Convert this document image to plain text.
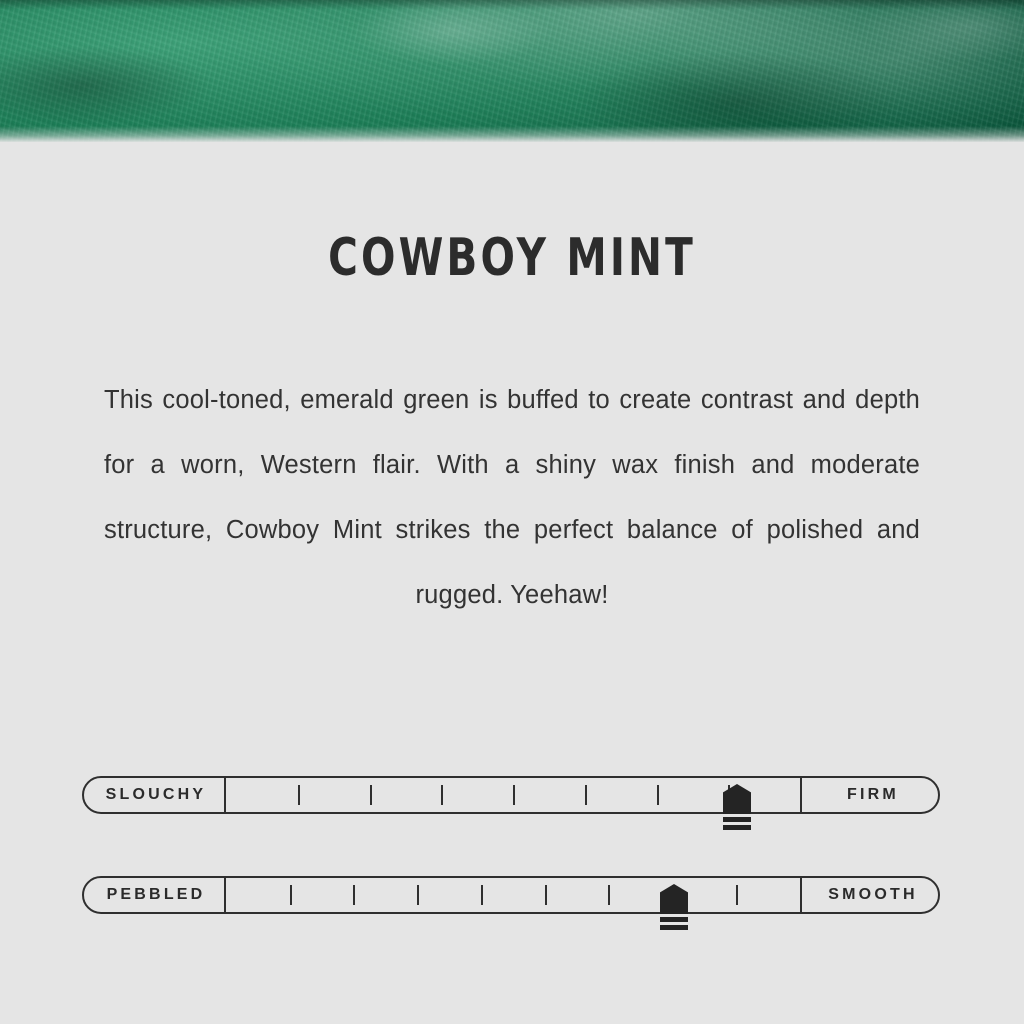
COWBOY MINT
This cool-toned, emerald green is buffed to create contrast and depth for a worn, Western flair. With a shiny wax finish and moderate structure, Cowboy Mint strikes the perfect balance of polished and rugged. Yeehaw!
SLOUCHY	FIRM
PEBBLED	SMOOTH
